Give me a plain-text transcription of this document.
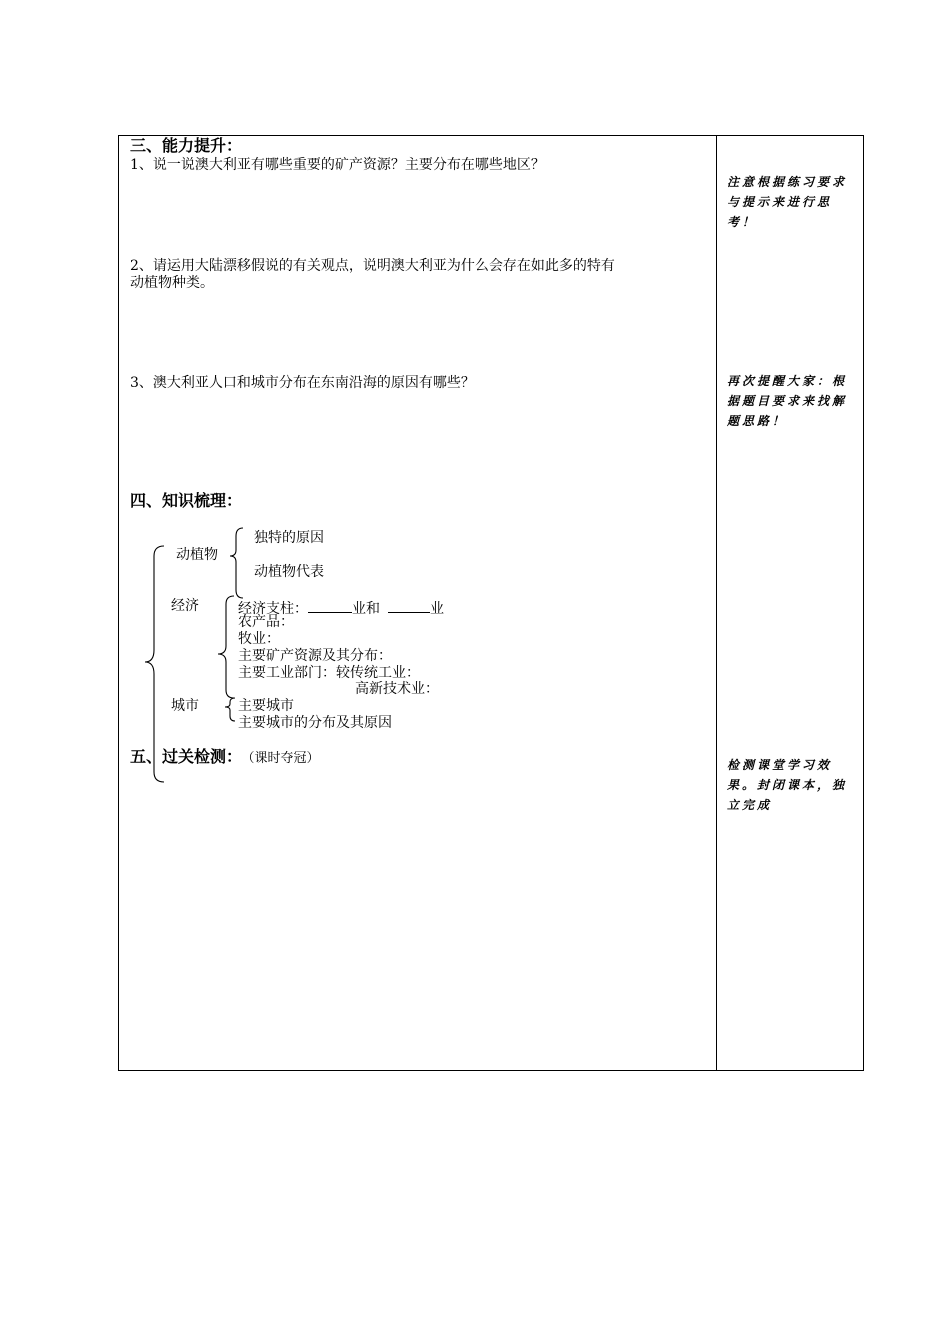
三、能力提升：
1、说一说澳大利亚有哪些重要的矿产资源？主要分布在哪些地区？
2、请运用大陆漂移假说的有关观点，说明澳大利亚为什么会存在如此多的特有
动植物种类。
3、澳大利亚人口和城市分布在东南沿海的原因有哪些？
四、知识梳理：
动植物
独特的原因
动植物代表
经济	经济支柱：	业和	业
农产品：
牧业：
主要矿产资源及其分布：
主要工业部门：较传统工业：
高新技术业：
城市	主要城市
主要城市的分布及其原因
五、过关检测： （课时夺冠）
注意根据练习要求与提示来进行思考！
再次提醒大家：根据题目要求来找解题思路！
检测课堂学习效果。封闭课本，独立完成
